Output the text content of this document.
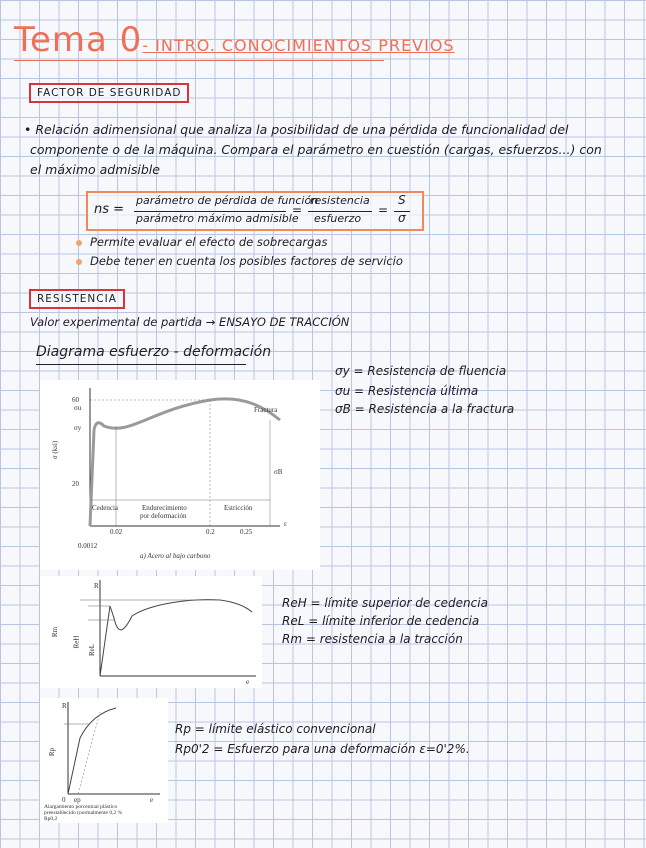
Tema 0- INTRO. CONOCIMIENTOS PREVIOS
FACTOR DE SEGURIDAD
• Relación adimensional que analiza la posibilidad de una pérdida de funcionalidad del
componente o de la máquina. Compara el parámetro en cuestión (cargas, esfuerzos...) con
el máximo admisible
ns =
parámetro de pérdida de función
parámetro máximo admisible
=
resistencia
esfuerzo
=
S
σ
Permite evaluar el efecto de sobrecargas
Debe tener en cuenta los posibles factores de servicio
RESISTENCIA
Valor experimental de partida → ENSAYO DE TRACCIÓN
Diagrama esfuerzo - deformación
σ (ksi)
60
σu
σy
20
σB
Fractura
Cedencia	Endurecimiento
por deformación
Estricción
0.02	0.2	0.25
ε
0.0012
a) Acero al bajo carbono
σy = Resistencia de fluencia
σu = Resistencia última
σB = Resistencia a la fractura
R
e
Rm
ReH
ReL
ReH = límite superior de cedencia
ReL = límite inferior de cedencia
Rm = resistencia a la tracción
R
e
Rp
0 ep
Alargamiento porcentual plástico
preestablecido (normalmente 0,2 %
Rp0,2
Rp = límite elástico convencional
Rp0'2 = Esfuerzo para una deformación ε=0'2%.
